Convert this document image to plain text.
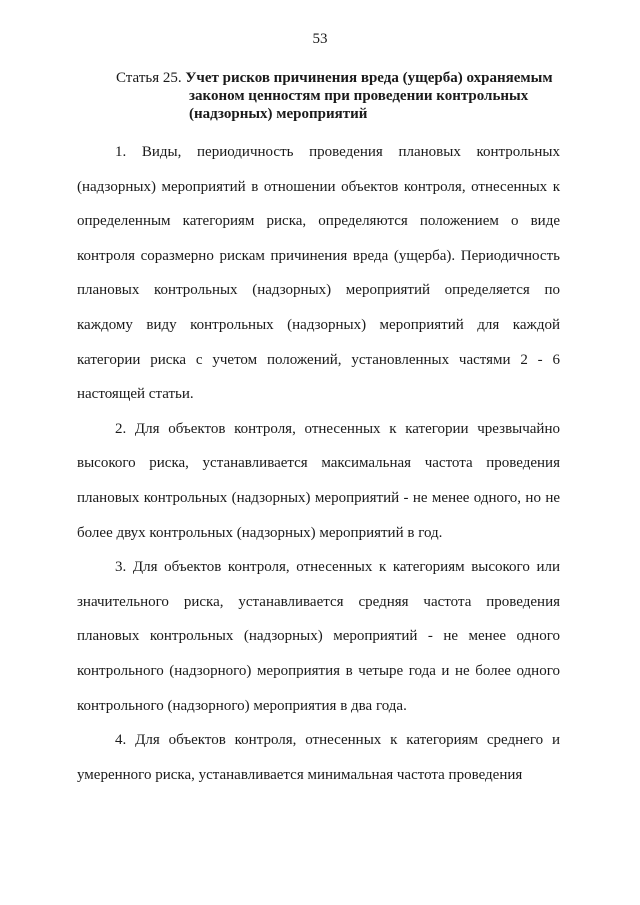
53
Статья 25. Учет рисков причинения вреда (ущерба) охраняемым
законом ценностям при проведении контрольных
(надзорных) мероприятий

1. Виды, периодичность проведения плановых контрольных (надзорных) мероприятий в отношении объектов контроля, отнесенных к определенным категориям риска, определяются положением о виде контроля соразмерно рискам причинения вреда (ущерба). Периодичность плановых контрольных (надзорных) мероприятий определяется по каждому виду контрольных (надзорных) мероприятий для каждой категории риска с учетом положений, установленных частями 2 - 6 настоящей статьи.

2. Для объектов контроля, отнесенных к категории чрезвычайно высокого риска, устанавливается максимальная частота проведения плановых контрольных (надзорных) мероприятий - не менее одного, но не более двух контрольных (надзорных) мероприятий в год.

3. Для объектов контроля, отнесенных к категориям высокого или значительного риска, устанавливается средняя частота проведения плановых контрольных (надзорных) мероприятий - не менее одного контрольного (надзорного) мероприятия в четыре года и не более одного контрольного (надзорного) мероприятия в два года.

4. Для объектов контроля, отнесенных к категориям среднего и умеренного риска, устанавливается минимальная частота проведения
